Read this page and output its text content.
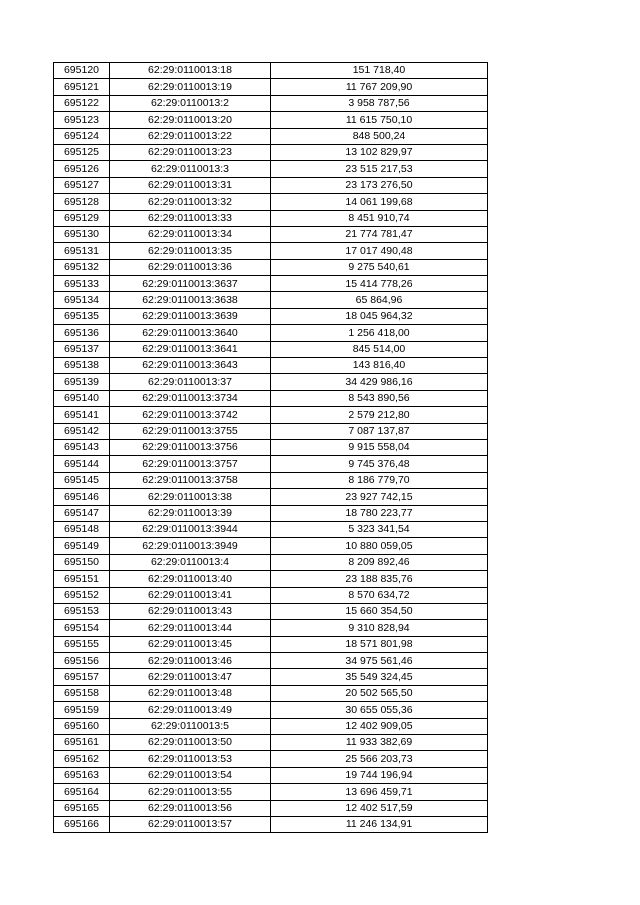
695120	62:29:0110013:18	151 718,40
695121	62:29:0110013:19	11 767 209,90
695122	62:29:0110013:2	3 958 787,56
695123	62:29:0110013:20	11 615 750,10
695124	62:29:0110013:22	848 500,24
695125	62:29:0110013:23	13 102 829,97
695126	62:29:0110013:3	23 515 217,53
695127	62:29:0110013:31	23 173 276,50
695128	62:29:0110013:32	14 061 199,68
695129	62:29:0110013:33	8 451 910,74
695130	62:29:0110013:34	21 774 781,47
695131	62:29:0110013:35	17 017 490,48
695132	62:29:0110013:36	9 275 540,61
695133	62:29:0110013:3637	15 414 778,26
695134	62:29:0110013:3638	65 864,96
695135	62:29:0110013:3639	18 045 964,32
695136	62:29:0110013:3640	1 256 418,00
695137	62:29:0110013:3641	845 514,00
695138	62:29:0110013:3643	143 816,40
695139	62:29:0110013:37	34 429 986,16
695140	62:29:0110013:3734	8 543 890,56
695141	62:29:0110013:3742	2 579 212,80
695142	62:29:0110013:3755	7 087 137,87
695143	62:29:0110013:3756	9 915 558,04
695144	62:29:0110013:3757	9 745 376,48
695145	62:29:0110013:3758	8 186 779,70
695146	62:29:0110013:38	23 927 742,15
695147	62:29:0110013:39	18 780 223,77
695148	62:29:0110013:3944	5 323 341,54
695149	62:29:0110013:3949	10 880 059,05
695150	62:29:0110013:4	8 209 892,46
695151	62:29:0110013:40	23 188 835,76
695152	62:29:0110013:41	8 570 634,72
695153	62:29:0110013:43	15 660 354,50
695154	62:29:0110013:44	9 310 828,94
695155	62:29:0110013:45	18 571 801,98
695156	62:29:0110013:46	34 975 561,46
695157	62:29:0110013:47	35 549 324,45
695158	62:29:0110013:48	20 502 565,50
695159	62:29:0110013:49	30 655 055,36
695160	62:29:0110013:5	12 402 909,05
695161	62:29:0110013:50	11 933 382,69
695162	62:29:0110013:53	25 566 203,73
695163	62:29:0110013:54	19 744 196,94
695164	62:29:0110013:55	13 696 459,71
695165	62:29:0110013:56	12 402 517,59
695166	62:29:0110013:57	11 246 134,91
